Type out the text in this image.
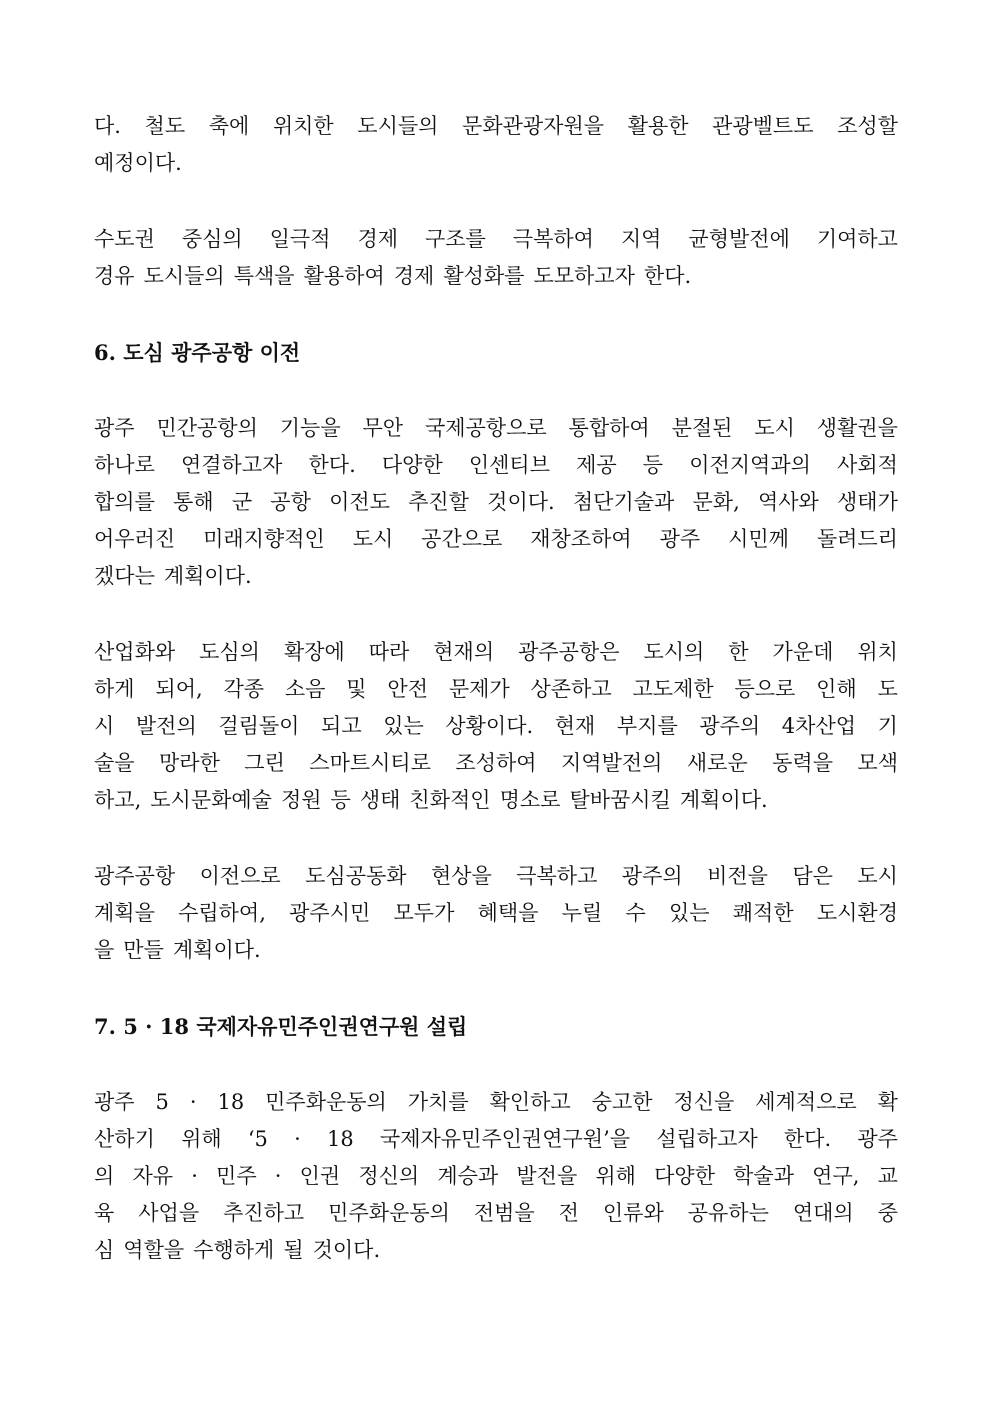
다. 철도 축에 위치한 도시들의 문화관광자원을 활용한 관광벨트도 조성할
예정이다.
수도권 중심의 일극적 경제 구조를 극복하여 지역 균형발전에 기여하고
경유 도시들의 특색을 활용하여 경제 활성화를 도모하고자 한다.
6. 도심 광주공항 이전
광주 민간공항의 기능을 무안 국제공항으로 통합하여 분절된 도시 생활권을
하나로 연결하고자 한다. 다양한 인센티브 제공 등 이전지역과의 사회적
합의를 통해 군 공항 이전도 추진할 것이다. 첨단기술과 문화, 역사와 생태가
어우러진 미래지향적인 도시 공간으로 재창조하여 광주 시민께 돌려드리
겠다는 계획이다.
산업화와 도심의 확장에 따라 현재의 광주공항은 도시의 한 가운데 위치
하게 되어, 각종 소음 및 안전 문제가 상존하고 고도제한 등으로 인해 도
시 발전의 걸림돌이 되고 있는 상황이다. 현재 부지를 광주의 4차산업 기
술을 망라한 그린 스마트시티로 조성하여 지역발전의 새로운 동력을 모색
하고, 도시문화예술 정원 등 생태 친화적인 명소로 탈바꿈시킬 계획이다.
광주공항 이전으로 도심공동화 현상을 극복하고 광주의 비전을 담은 도시
계획을 수립하여, 광주시민 모두가 혜택을 누릴 수 있는 쾌적한 도시환경
을 만들 계획이다.
7. 5 · 18 국제자유민주인권연구원 설립
광주 5 · 18 민주화운동의 가치를 확인하고 숭고한 정신을 세계적으로 확
산하기 위해 ‘5 · 18 국제자유민주인권연구원’을 설립하고자 한다. 광주
의 자유 · 민주 · 인권 정신의 계승과 발전을 위해 다양한 학술과 연구, 교
육 사업을 추진하고 민주화운동의 전범을 전 인류와 공유하는 연대의 중
심 역할을 수행하게 될 것이다.
